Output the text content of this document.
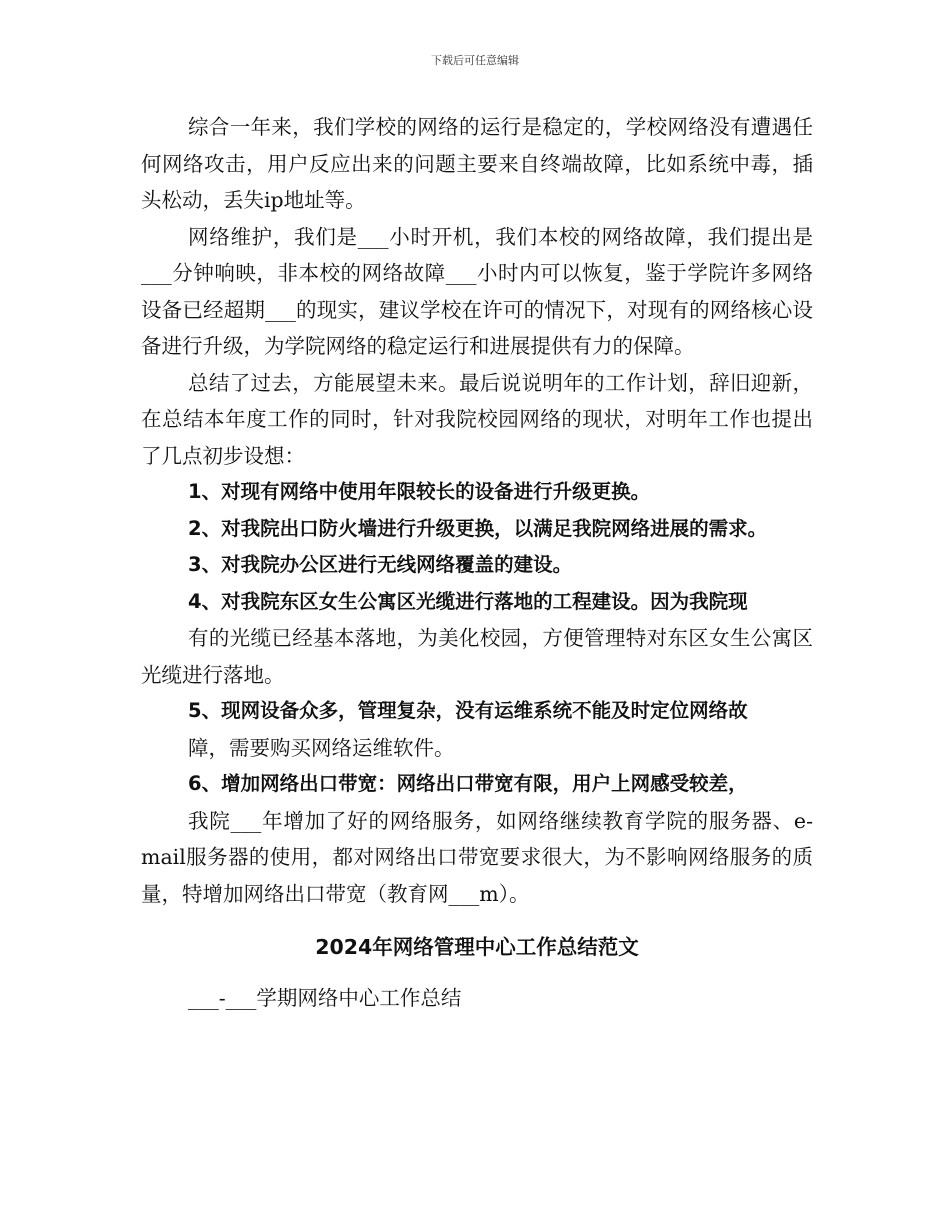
下载后可任意编辑

综合一年来，我们学校的网络的运行是稳定的，学校网络没有遭遇任何网络攻击，用户反应出来的问题主要来自终端故障，比如系统中毒，插头松动，丢失ip地址等。

网络维护，我们是___小时开机，我们本校的网络故障，我们提出是___分钟响映，非本校的网络故障___小时内可以恢复，鉴于学院许多网络设备已经超期___的现实，建议学校在许可的情况下，对现有的网络核心设备进行升级，为学院网络的稳定运行和进展提供有力的保障。

总结了过去，方能展望未来。最后说说明年的工作计划，辞旧迎新，在总结本年度工作的同时，针对我院校园网络的现状，对明年工作也提出了几点初步设想：

1、对现有网络中使用年限较长的设备进行升级更换。

2、对我院出口防火墙进行升级更换，以满足我院网络进展的需求。

3、对我院办公区进行无线网络覆盖的建设。

4、对我院东区女生公寓区光缆进行落地的工程建设。因为我院现

有的光缆已经基本落地，为美化校园，方便管理特对东区女生公寓区光缆进行落地。

5、现网设备众多，管理复杂，没有运维系统不能及时定位网络故

障，需要购买网络运维软件。

6、增加网络出口带宽：网络出口带宽有限，用户上网感受较差，

我院___年增加了好的网络服务，如网络继续教育学院的服务器、e-mail服务器的使用，都对网络出口带宽要求很大，为不影响网络服务的质量，特增加网络出口带宽（教育网___m）。

2024年网络管理中心工作总结范文

___-___学期网络中心工作总结
